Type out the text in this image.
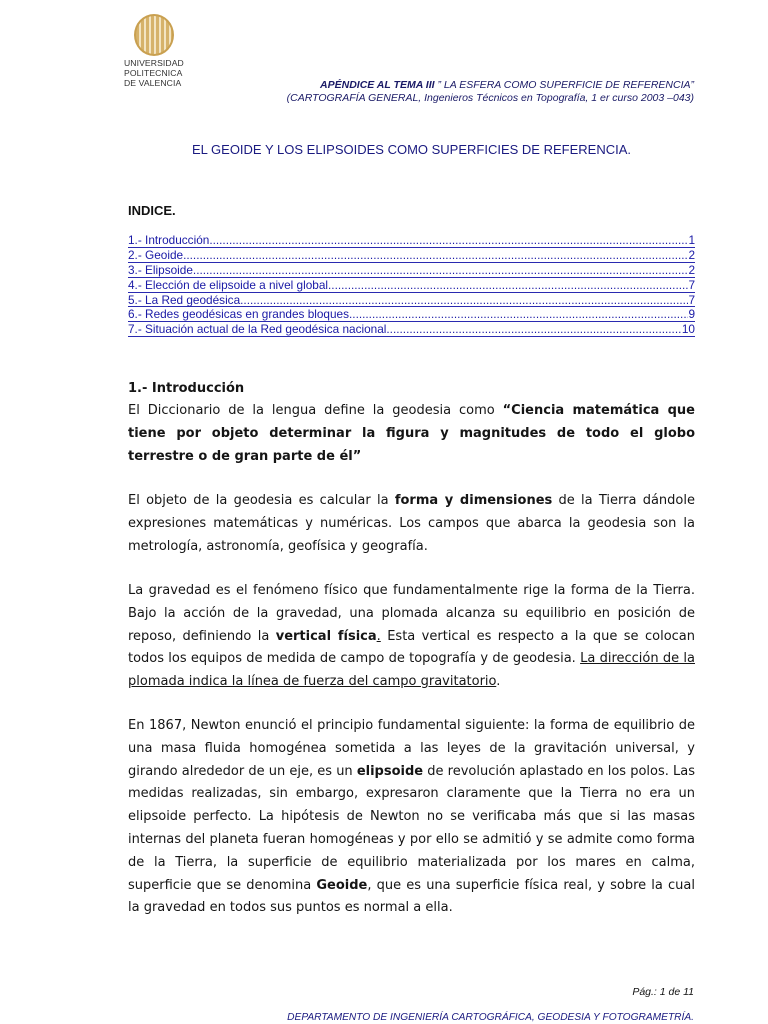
UNIVERSIDAD
POLITECNICA
DE VALENCIA	APÉNDICE AL TEMA III ” LA ESFERA COMO SUPERFICIE DE REFERENCIA”
(CARTOGRAFÍA GENERAL, Ingenieros Técnicos en Topografía, 1 er curso 2003 –043)
EL GEOIDE Y LOS ELIPSOIDES COMO SUPERFICIES DE REFERENCIA.
INDICE.
1.- Introducción .....	1
2.- Geoide .....	2
3.- Elipsoide .....	2
4.- Elección de elipsoide a nivel global .....	7
5.- La Red geodésica .....	7
6.- Redes geodésicas en grandes bloques .....	9
7.- Situación actual de la Red geodésica nacional .....	10
1.- Introducción
El Diccionario de la lengua define la geodesia como “Ciencia matemática que tiene por objeto determinar la figura y magnitudes de todo el globo terrestre o de gran parte de él”
El objeto de la geodesia es calcular la forma y dimensiones de la Tierra dándole expresiones matemáticas y numéricas. Los campos que abarca la geodesia son la metrología, astronomía, geofísica y geografía.
La gravedad es el fenómeno físico que fundamentalmente rige la forma de la Tierra. Bajo la acción de la gravedad, una plomada alcanza su equilibrio en posición de reposo, definiendo la vertical física. Esta vertical es respecto a la que se colocan todos los equipos de medida de campo de topografía y de geodesia. La dirección de la plomada indica la línea de fuerza del campo gravitatorio.
En 1867, Newton enunció el principio fundamental siguiente: la forma de equilibrio de una masa fluida homogénea sometida a las leyes de la gravitación universal, y girando alrededor de un eje, es un elipsoide de revolución aplastado en los polos. Las medidas realizadas, sin embargo, expresaron claramente que la Tierra no era un elipsoide perfecto. La hipótesis de Newton no se verificaba más que si las masas internas del planeta fueran homogéneas y por ello se admitió y se admite como forma de la Tierra, la superficie de equilibrio materializada por los mares en calma, superficie que se denomina Geoide, que es una superficie física real, y sobre la cual la gravedad en todos sus puntos es normal a ella.
Pág.: 1 de 11
DEPARTAMENTO DE INGENIERÍA CARTOGRÁFICA, GEODESIA Y FOTOGRAMETRÍA.
